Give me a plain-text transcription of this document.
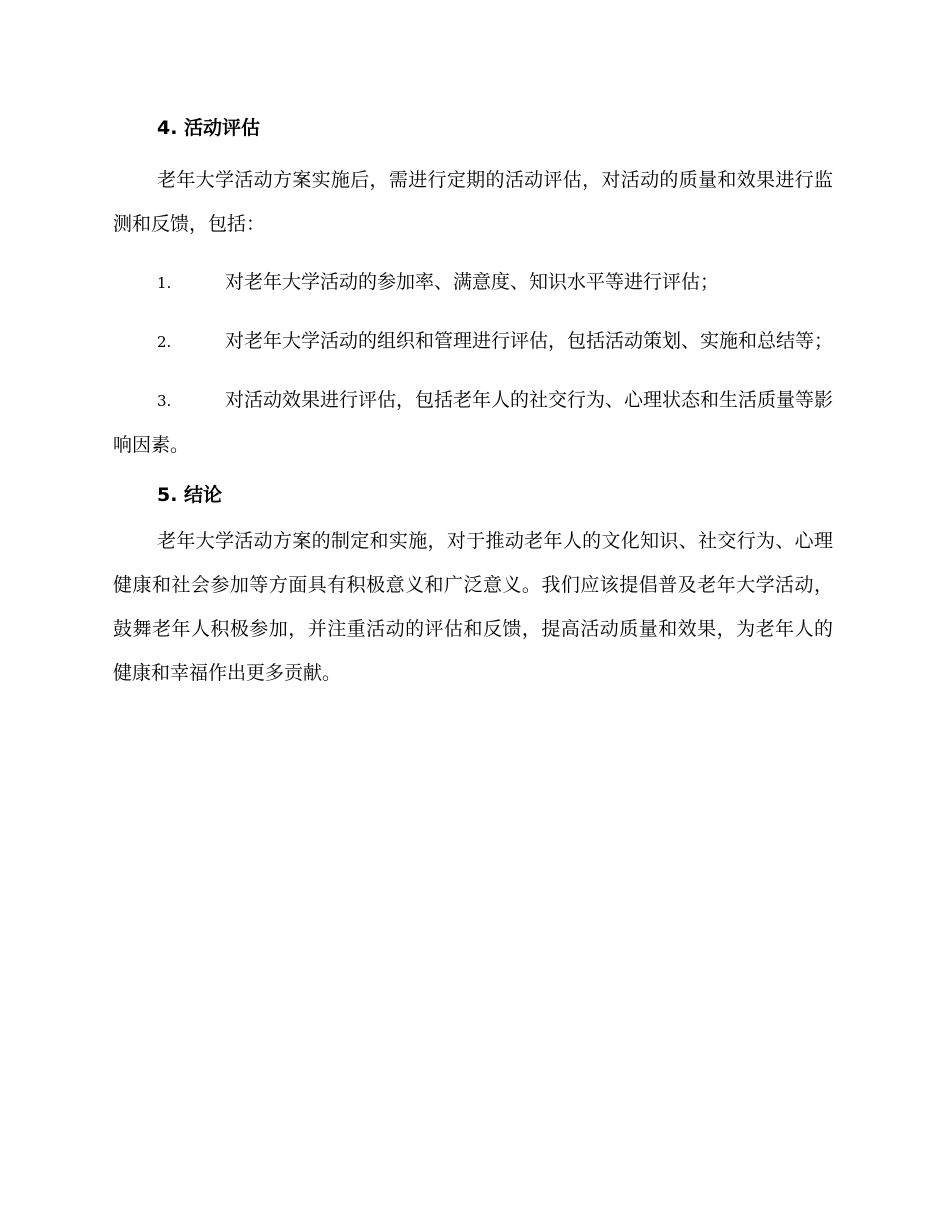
4. 活动评估

老年大学活动方案实施后，需进行定期的活动评估，对活动的质量和效果进行监测和反馈，包括：

1.	对老年大学活动的参加率、满意度、知识水平等进行评估；

2.	对老年大学活动的组织和管理进行评估，包括活动策划、实施和总结等；

3.	对活动效果进行评估，包括老年人的社交行为、心理状态和生活质量等影响因素。

5. 结论

老年大学活动方案的制定和实施，对于推动老年人的文化知识、社交行为、心理健康和社会参加等方面具有积极意义和广泛意义。我们应该提倡普及老年大学活动，鼓舞老年人积极参加，并注重活动的评估和反馈，提高活动质量和效果，为老年人的健康和幸福作出更多贡献。
